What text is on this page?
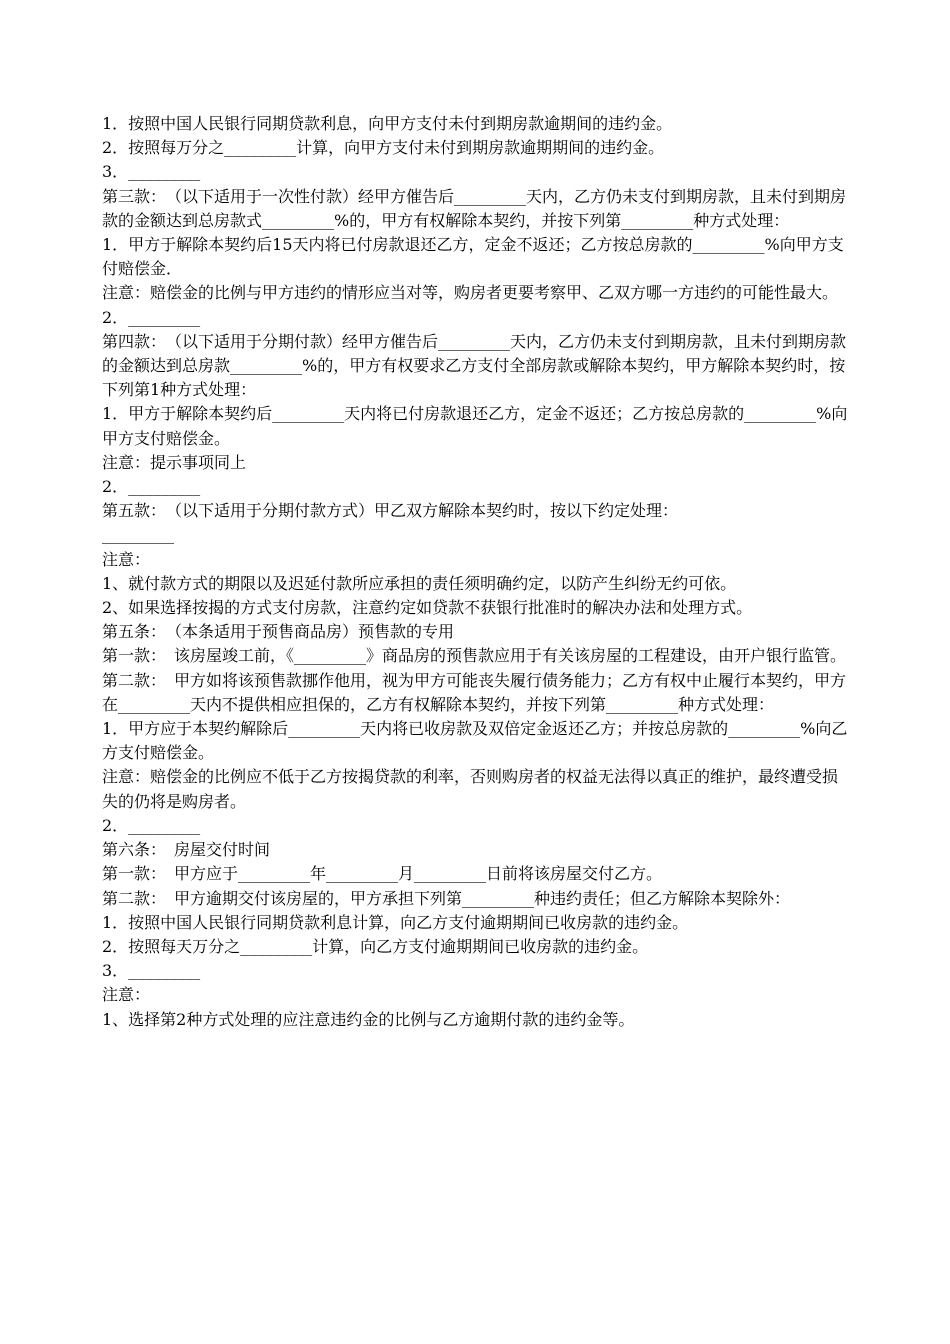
1．按照中国人民银行同期贷款利息，向甲方支付未付到期房款逾期间的违约金。

2．按照每万分之_________计算，向甲方支付未付到期房款逾期期间的违约金。

3．_________

第三款：　（以下适用于一次性付款）经甲方催告后_________天内，乙方仍未支付到期房款，且未付到期房款的金额达到总房款式_________%的，甲方有权解除本契约，并按下列第_________种方式处理：

1．甲方于解除本契约后15天内将已付房款退还乙方，定金不返还；乙方按总房款的_________%向甲方支付赔偿金．

注意：赔偿金的比例与甲方违约的情形应当对等，购房者更要考察甲、乙双方哪一方违约的可能性最大。

2．_________

第四款：　（以下适用于分期付款）经甲方催告后_________天内，乙方仍未支付到期房款，且未付到期房款的金额达到总房款_________%的，甲方有权要求乙方支付全部房款或解除本契约，甲方解除本契约时，按下列第1种方式处理：

1．甲方于解除本契约后_________天内将已付房款退还乙方，定金不返还；乙方按总房款的_________%向甲方支付赔偿金。

注意：提示事项同上

2．_________

第五款：　（以下适用于分期付款方式）甲乙双方解除本契约时，按以下约定处理：

_________

注意：

1、就付款方式的期限以及迟延付款所应承担的责任须明确约定，以防产生纠纷无约可依。

2、如果选择按揭的方式支付房款，注意约定如贷款不获银行批准时的解决办法和处理方式。

第五条：　（本条适用于预售商品房）预售款的专用

第一款：　该房屋竣工前，《_________》商品房的预售款应用于有关该房屋的工程建设，由开户银行监管。

第二款：　甲方如将该预售款挪作他用，视为甲方可能丧失履行债务能力；乙方有权中止履行本契约，甲方在_________天内不提供相应担保的，乙方有权解除本契约，并按下列第_________种方式处理：

1．甲方应于本契约解除后_________天内将已收房款及双倍定金返还乙方；并按总房款的_________%向乙方支付赔偿金。

注意：赔偿金的比例应不低于乙方按揭贷款的利率，否则购房者的权益无法得以真正的维护，最终遭受损失的仍将是购房者。

2．_________

第六条：　房屋交付时间

第一款：　甲方应于_________年_________月_________日前将该房屋交付乙方。

第二款：　甲方逾期交付该房屋的，甲方承担下列第_________种违约责任；但乙方解除本契除外：

1．按照中国人民银行同期贷款利息计算，向乙方支付逾期期间已收房款的违约金。

2．按照每天万分之_________计算，向乙方支付逾期期间已收房款的违约金。

3．_________

注意：

1、选择第2种方式处理的应注意违约金的比例与乙方逾期付款的违约金等。
